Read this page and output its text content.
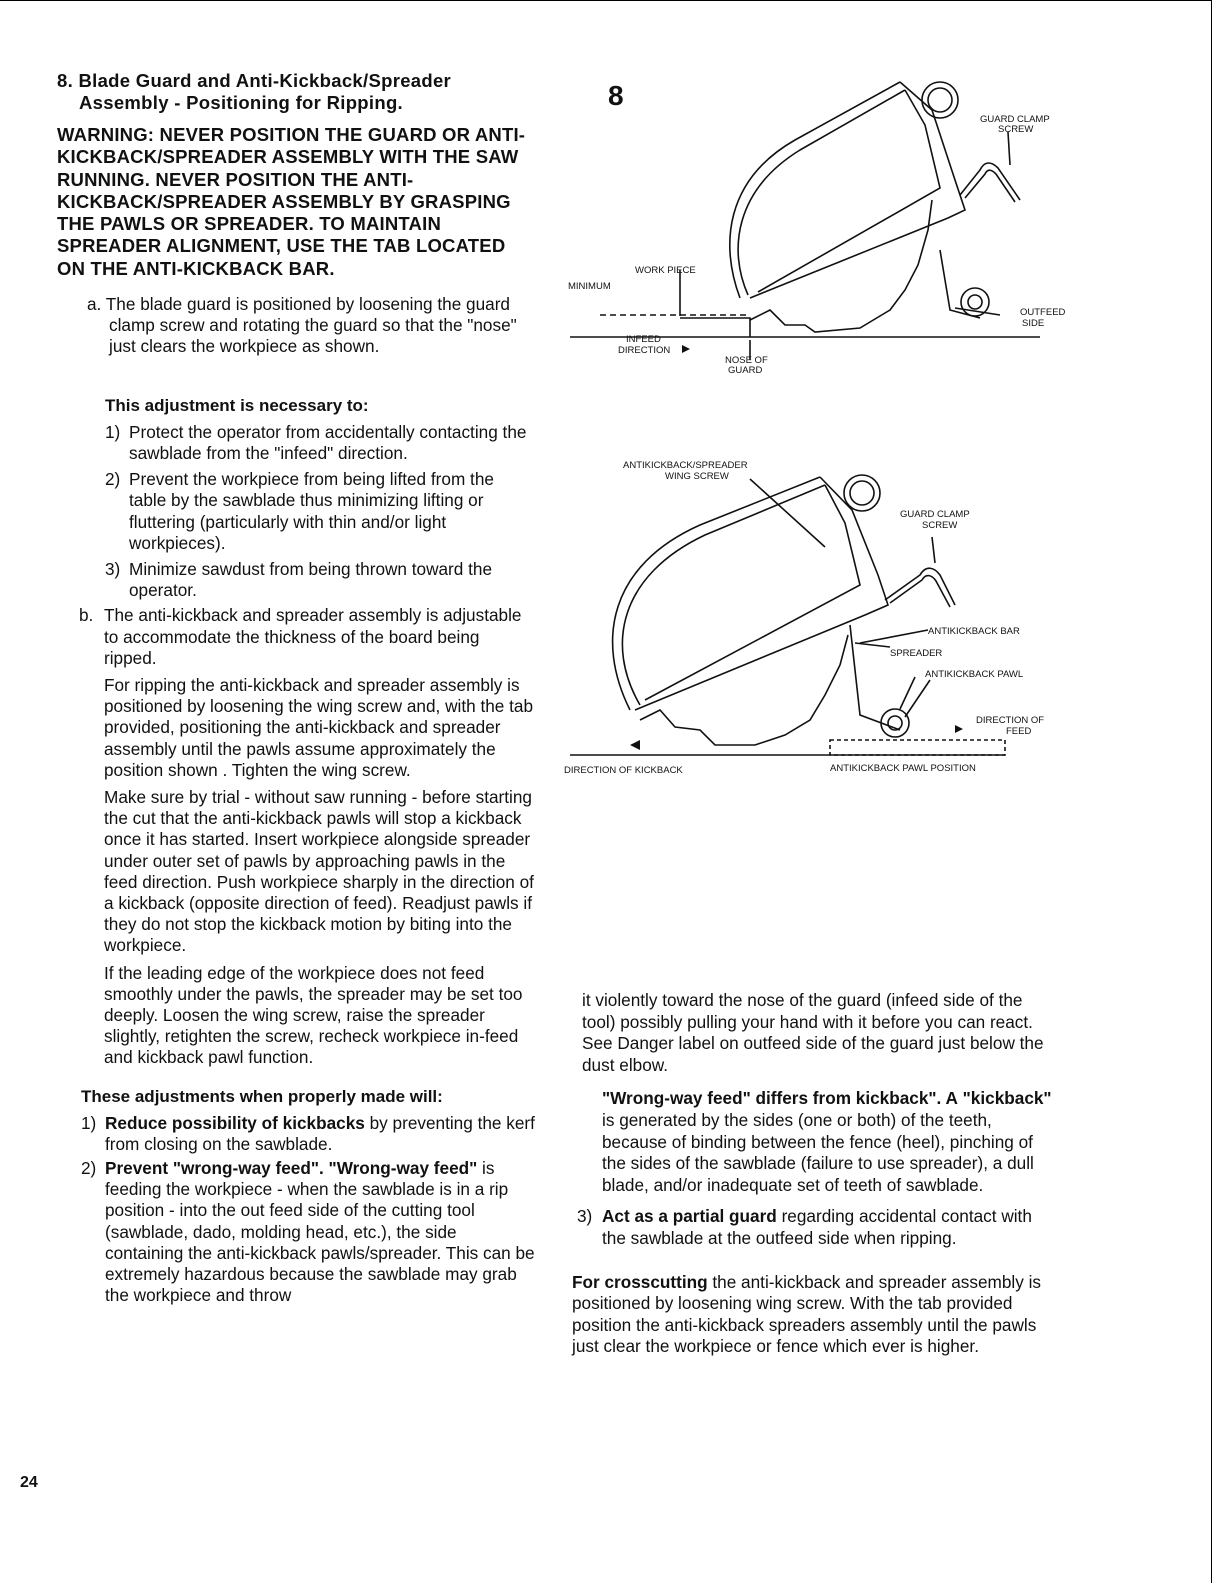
8. Blade Guard and Anti-Kickback/Spreader
Assembly - Positioning for Ripping.

WARNING: NEVER POSITION THE GUARD OR ANTI-KICKBACK/SPREADER ASSEMBLY WITH THE SAW RUNNING. NEVER POSITION THE ANTI-KICKBACK/SPREADER ASSEMBLY BY GRASPING THE PAWLS OR SPREADER. TO MAINTAIN SPREADER ALIGNMENT, USE THE TAB LOCATED ON THE ANTI-KICKBACK BAR.

a. The blade guard is positioned by loosening the guard clamp screw and rotating the guard so that the "nose" just clears the workpiece as shown.

This adjustment is necessary to:

1) Protect the operator from accidentally contacting the sawblade from the "infeed" direction.
2) Prevent the workpiece from being lifted from the table by the sawblade thus minimizing lifting or fluttering (particularly with thin and/or light workpieces).
3) Minimize sawdust from being thrown toward the operator.
b. The anti-kickback and spreader assembly is adjustable to accommodate the thickness of the board being ripped.

For ripping the anti-kickback and spreader assembly is positioned by loosening the wing screw and, with the tab provided, positioning the anti-kickback and spreader assembly until the pawls assume approximately the position shown . Tighten the wing screw.

Make sure by trial - without saw running - before starting the cut that the anti-kickback pawls will stop a kickback once it has started. Insert workpiece alongside spreader under outer set of pawls by approaching pawls in the feed direction. Push workpiece sharply in the direction of a kickback (opposite direction of feed). Readjust pawls if they do not stop the kickback motion by biting into the workpiece.

If the leading edge of the workpiece does not feed smoothly under the pawls, the spreader may be set too deeply. Loosen the wing screw, raise the spreader slightly, retighten the screw, recheck workpiece in-feed and kickback pawl function.

These adjustments when properly made will:

1) Reduce possibility of kickbacks by preventing the kerf from closing on the sawblade.
2) Prevent "wrong-way feed". "Wrong-way feed" is feeding the workpiece - when the sawblade is in a rip position - into the out feed side of the cutting tool (sawblade, dado, molding head, etc.), the side containing the anti-kickback pawls/spreader. This can be extremely hazardous because the sawblade may grab the workpiece and throw

it violently toward the nose of the guard (infeed side of the tool) possibly pulling your hand with it before you can react. See Danger label on outfeed side of the guard just below the dust elbow.

"Wrong-way feed" differs from kickback". A "kickback" is generated by the sides (one or both) of the teeth, because of binding between the fence (heel), pinching of the sides of the sawblade (failure to use spreader), a dull blade, and/or inadequate set of teeth of sawblade.

3) Act as a partial guard regarding accidental contact with the sawblade at the outfeed side when ripping.

For crosscutting the anti-kickback and spreader assembly is positioned by loosening wing screw. With the tab provided position the anti-kickback spreaders assembly until the pawls just clear the workpiece or fence which ever is higher.

24
8
GUARD CLAMP
SCREW
WORK PIECE
MINIMUM
OUTFEED
SIDE
INFEED
DIRECTION
NOSE OF
GUARD
ANTIKICKBACK/SPREADER
WING SCREW
GUARD CLAMP
SCREW
ANTIKICKBACK BAR
SPREADER
ANTIKICKBACK PAWL
DIRECTION OF
FEED
DIRECTION OF KICKBACK	ANTIKICKBACK PAWL POSITION
